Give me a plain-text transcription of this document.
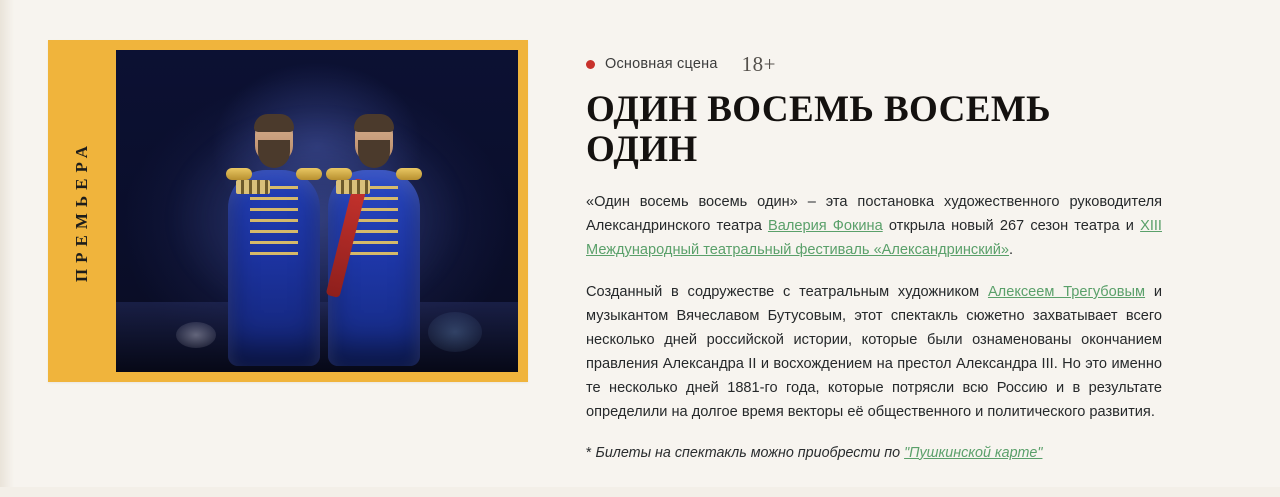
ПРЕМЬЕРА
Основная сцена 18+
ОДИН ВОСЕМЬ ВОСЕМЬ ОДИН

«Один восемь восемь один» – эта постановка художественного руководителя Александринского театра Валерия Фокина открыла новый 267 сезон театра и XIII Международный театральный фестиваль «Александринский».

Созданный в содружестве с театральным художником Алексеем Трегубовым и музыкантом Вячеславом Бутусовым, этот спектакль сюжетно захватывает всего несколько дней российской истории, которые были ознаменованы окончанием правления Александра II и восхождением на престол Александра III. Но это именно те несколько дней 1881-го года, которые потрясли всю Россию и в результате определили на долгое время векторы её общественного и политического развития.

* Билеты на спектакль можно приобрести по "Пушкинской карте"
